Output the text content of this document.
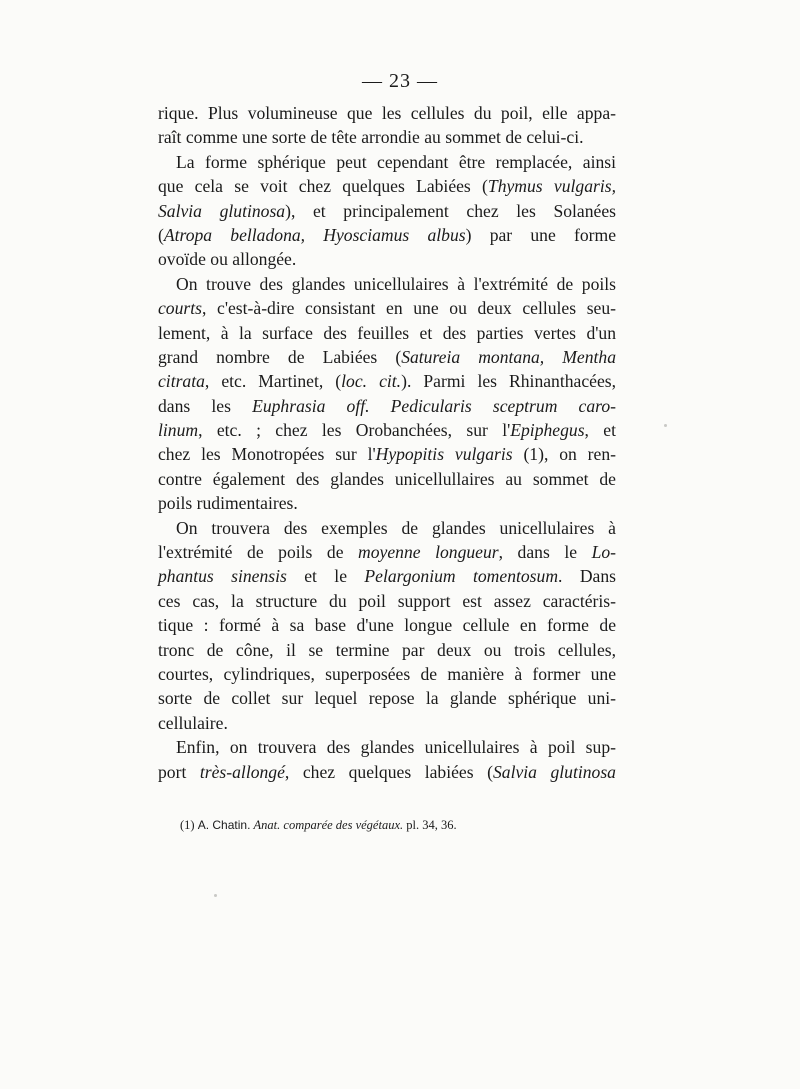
— 23 —
rique. Plus volumineuse que les cellules du poil, elle appa-
raît comme une sorte de tête arrondie au sommet de celui-ci.
La forme sphérique peut cependant être remplacée, ainsi
que cela se voit chez quelques Labiées (Thymus vulgaris,
Salvia glutinosa), et principalement chez les Solanées
(Atropa belladona, Hyosciamus albus) par une forme
ovoïde ou allongée.
On trouve des glandes unicellulaires à l'extrémité de poils
courts, c'est-à-dire consistant en une ou deux cellules seu-
lement, à la surface des feuilles et des parties vertes d'un
grand nombre de Labiées (Satureia montana, Mentha
citrata, etc. Martinet, (loc. cit.). Parmi les Rhinanthacées,
dans les Euphrasia off. Pedicularis sceptrum caro-
linum, etc. ; chez les Orobanchées, sur l'Epiphegus, et
chez les Monotropées sur l'Hypopitis vulgaris (1), on ren-
contre également des glandes unicellullaires au sommet de
poils rudimentaires.
On trouvera des exemples de glandes unicellulaires à
l'extrémité de poils de moyenne longueur, dans le Lo-
phantus sinensis et le Pelargonium tomentosum. Dans
ces cas, la structure du poil support est assez caractéris-
tique : formé à sa base d'une longue cellule en forme de
tronc de cône, il se termine par deux ou trois cellules,
courtes, cylindriques, superposées de manière à former une
sorte de collet sur lequel repose la glande sphérique uni-
cellulaire.
Enfin, on trouvera des glandes unicellulaires à poil sup-
port très-allongé, chez quelques labiées (Salvia glutinosa
(1) A. Chatin. Anat. comparée des végétaux. pl. 34, 36.
